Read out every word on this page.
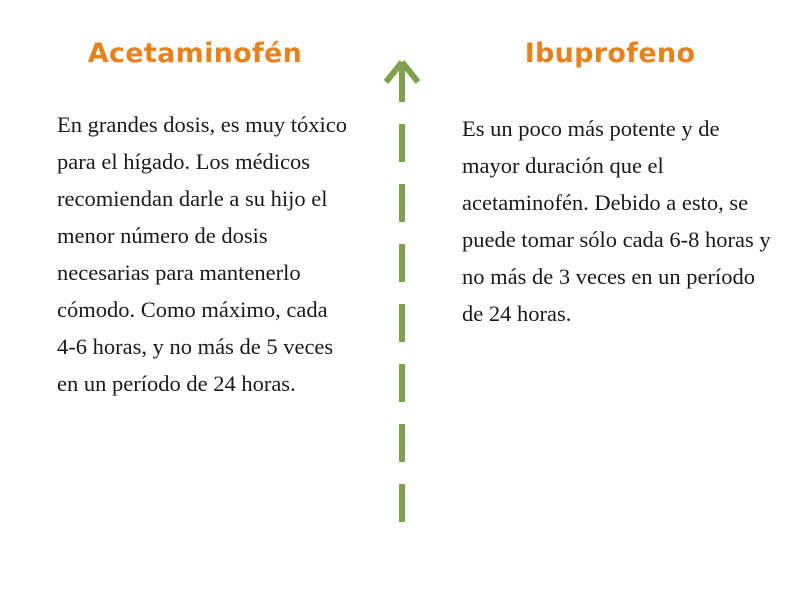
Acetaminofén
En grandes dosis, es muy tóxico para el hígado. Los médicos recomiendan darle a su hijo el menor número de dosis necesarias para mantenerlo cómodo. Como máximo, cada 4-6 horas, y no más de 5 veces en un período de 24 horas.
Ibuprofeno
Es un poco más potente y de mayor duración que el acetaminofén. Debido a esto, se puede tomar sólo cada 6-8 horas y no más de 3 veces en un período de 24 horas.
